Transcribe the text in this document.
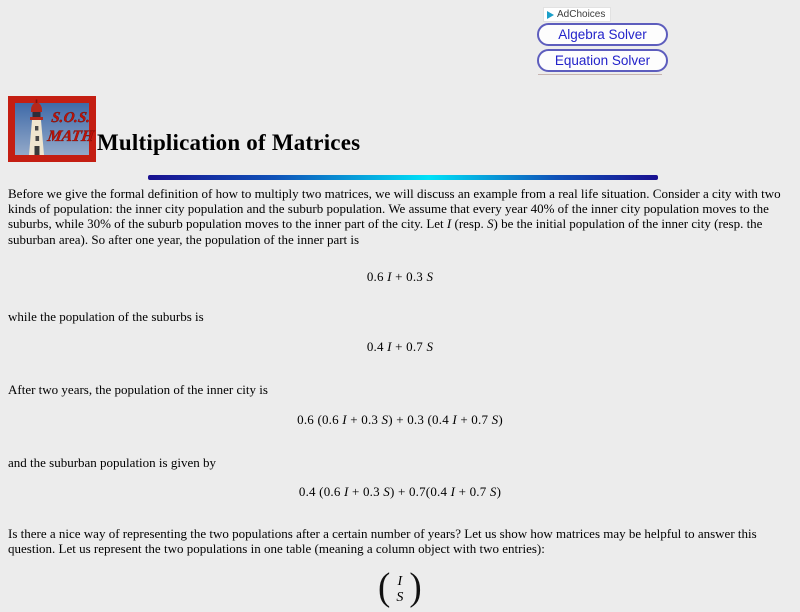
AdChoices
Algebra Solver
Equation Solver
S.O.S.
MATH Multiplication of Matrices

Before we give the formal definition of how to multiply two matrices, we will discuss an example from a real life situation. Consider a city with two kinds of population: the inner city population and the suburb population. We assume that every year 40% of the inner city population moves to the suburbs, while 30% of the suburb population moves to the inner part of the city. Let I (resp. S) be the initial population of the inner city (resp. the suburban area). So after one year, the population of the inner part is

0.6 I + 0.3 S

while the population of the suburbs is

0.4 I + 0.7 S

After two years, the population of the inner city is

0.6 (0.6 I + 0.3 S) + 0.3 (0.4 I + 0.7 S)

and the suburban population is given by

0.4 (0.6 I + 0.3 S) + 0.7(0.4 I + 0.7 S)

Is there a nice way of representing the two populations after a certain number of years? Let us show how matrices may be helpful to answer this question. Let us represent the two populations in one table (meaning a column object with two entries):

( I
S )
